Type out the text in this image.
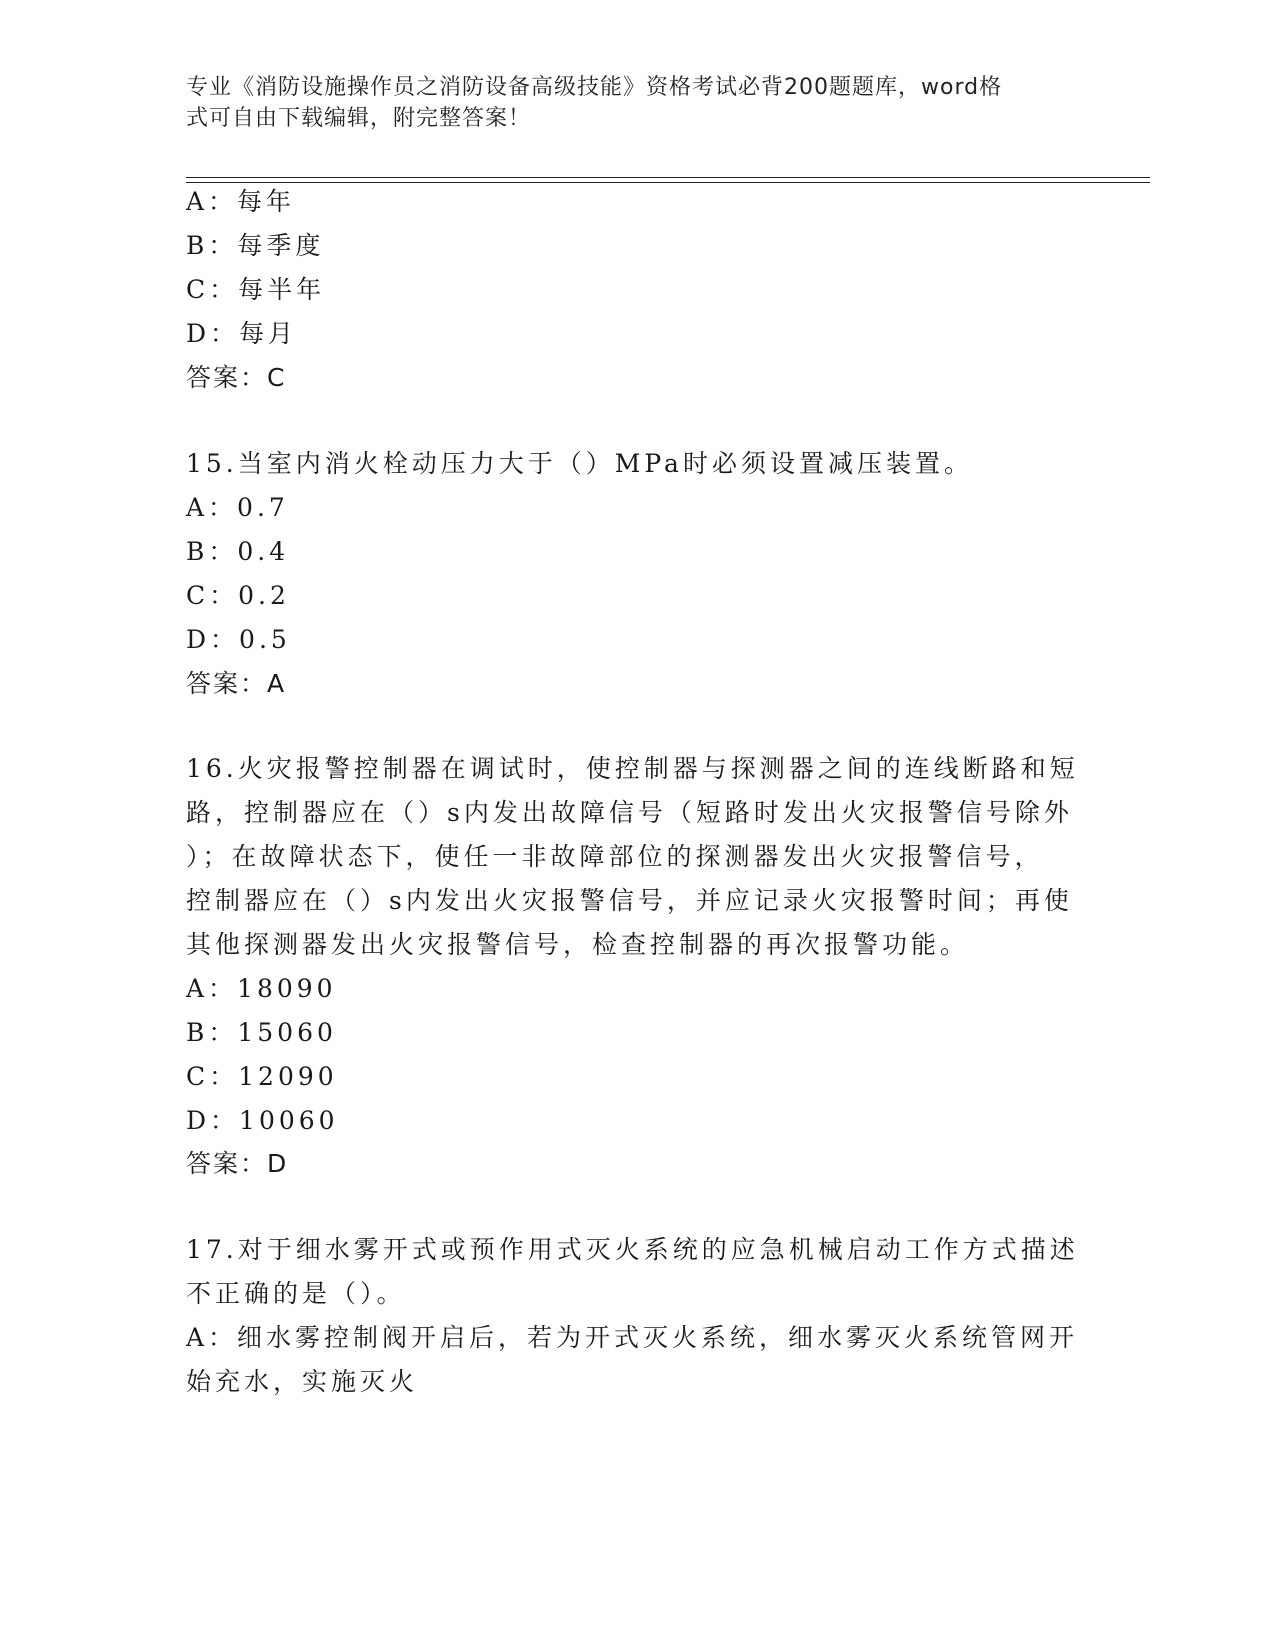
专业《消防设施操作员之消防设备高级技能》资格考试必背200题题库，word格
式可自由下载编辑，附完整答案！
A：每年
B：每季度
C：每半年
D：每月
答案：C
15.当室内消火栓动压力大于（）MPa时必须设置减压装置。
A：0.7
B：0.4
C：0.2
D：0.5
答案：A
16.火灾报警控制器在调试时，使控制器与探测器之间的连线断路和短
路，控制器应在（）s内发出故障信号（短路时发出火灾报警信号除外
）；在故障状态下，使任一非故障部位的探测器发出火灾报警信号，
控制器应在（）s内发出火灾报警信号，并应记录火灾报警时间；再使
其他探测器发出火灾报警信号，检查控制器的再次报警功能。
A：18090
B：15060
C：12090
D：10060
答案：D
17.对于细水雾开式或预作用式灭火系统的应急机械启动工作方式描述
不正确的是（）。
A：细水雾控制阀开启后，若为开式灭火系统，细水雾灭火系统管网开
始充水，实施灭火
